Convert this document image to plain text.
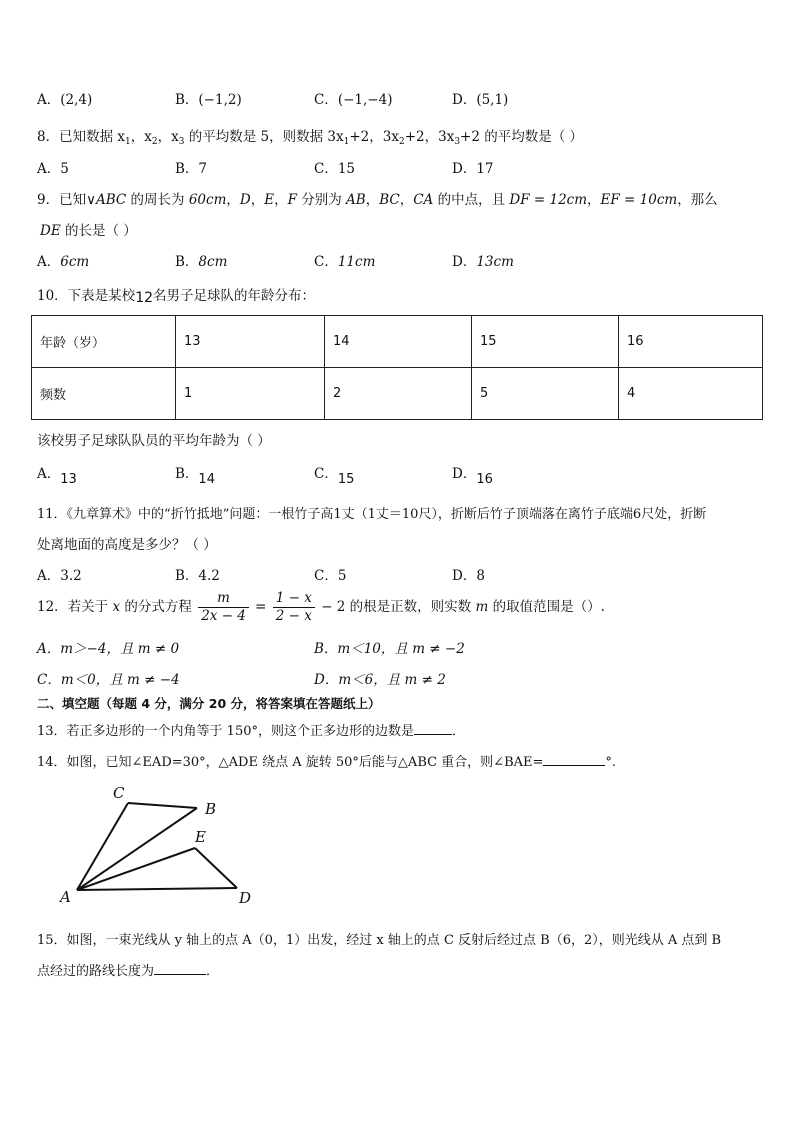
A．(2,4)	B．(−1,2)	C．(−1,−4)	D．(5,1)
8．已知数据 $x_1$，$x_2$，$x_3$ 的平均数是 5，则数据 $3x_1+2$，$3x_2+2$，$3x_3+2$ 的平均数是（ ）
A．5	B．7	C．15	D．17
9．已知∨ABC 的周长为 60cm，D，E，F 分别为 AB，BC，CA 的中点，且 DF = 12cm，EF = 10cm，那么
DE 的长是（ ）
A．6cm	B．8cm	C．11cm	D．13cm
10．下表是某校12名男子足球队的年龄分布：
年龄（岁）	13	14	15	16
频数	1	2	5	4
该校男子足球队队员的平均年龄为（ ）
A．13	B．14	C．15	D．16
11．《九章算术》中的“折竹抵地”问题：一根竹子高1丈（1丈＝10尺），折断后竹子顶端落在离竹子底端6尺处，折断
处离地面的高度是多少？（ ）
A．3.2	B．4.2	C．5	D．8
12．若关于 x 的分式方程 $\frac{m}{2x - 4} = \frac{1 - x}{2 - x} - 2$ 的根是正数，则实数 m 的取值范围是（）.
A．m＞−4，且 m ≠ 0	B．m＜10，且 m ≠ −2
C．m＜0，且 m ≠ −4	D．m＜6，且 m ≠ 2
二、填空题（每题 4 分，满分 20 分，将答案填在答题纸上）
13．若正多边形的一个内角等于 150°，则这个正多边形的边数是	．
14．如图，已知∠EAD=30°，△ADE 绕点 A 旋转 50°后能与△ABC 重合，则∠BAE=	°.
C
B
E
A	D
15．如图，一束光线从 y 轴上的点 A（0，1）出发，经过 x 轴上的点 C 反射后经过点 B（6，2），则光线从 A 点到 B
点经过的路线长度为	．
